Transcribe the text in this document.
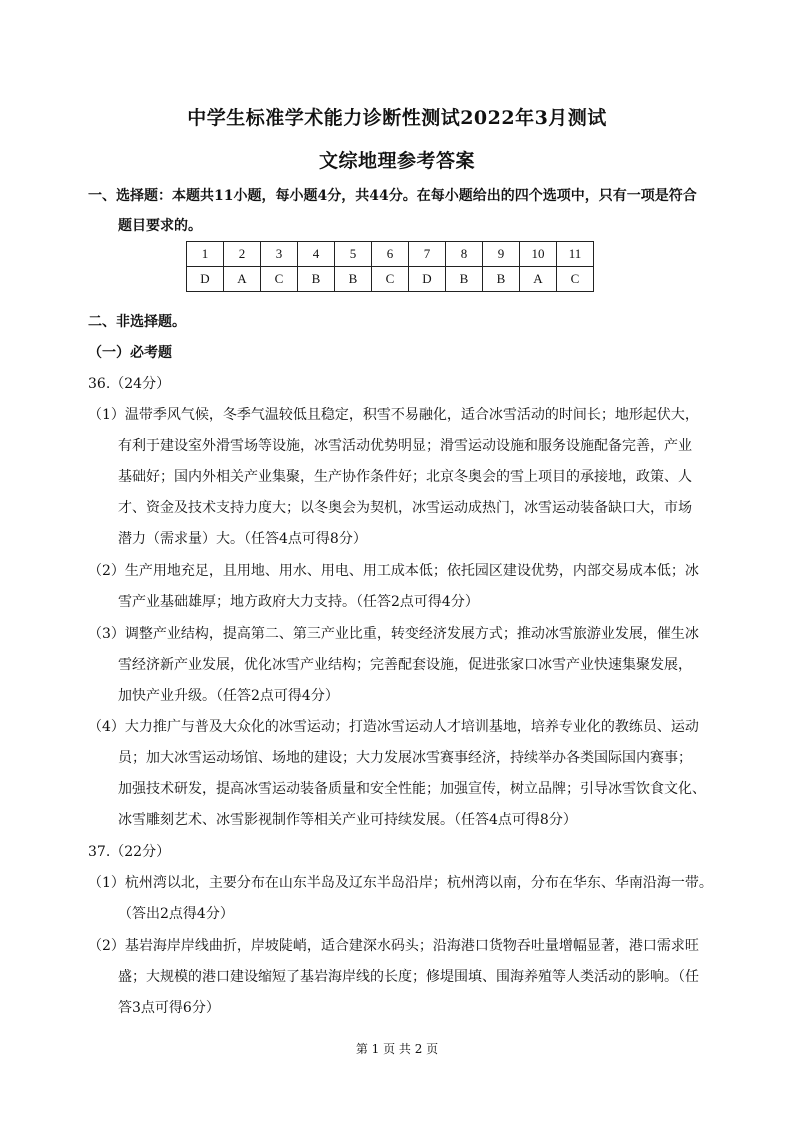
中学生标准学术能力诊断性测试2022年3月测试
文综地理参考答案
一、选择题：本题共11小题，每小题4分，共44分。在每小题给出的四个选项中，只有一项是符合
题目要求的。
1	2	3	4	5	6	7	8	9	10	11
D	A	C	B	B	C	D	B	B	A	C
二、非选择题。
（一）必考题
36.（24分）
（1）温带季风气候，冬季气温较低且稳定，积雪不易融化，适合冰雪活动的时间长；地形起伏大，
有利于建设室外滑雪场等设施，冰雪活动优势明显；滑雪运动设施和服务设施配备完善，产业
基础好；国内外相关产业集聚，生产协作条件好；北京冬奥会的雪上项目的承接地，政策、人
才、资金及技术支持力度大；以冬奥会为契机，冰雪运动成热门，冰雪运动装备缺口大，市场
潜力（需求量）大。（任答4点可得8分）
（2）生产用地充足，且用地、用水、用电、用工成本低；依托园区建设优势，内部交易成本低；冰
雪产业基础雄厚；地方政府大力支持。（任答2点可得4分）
（3）调整产业结构，提高第二、第三产业比重，转变经济发展方式；推动冰雪旅游业发展，催生冰
雪经济新产业发展，优化冰雪产业结构；完善配套设施，促进张家口冰雪产业快速集聚发展，
加快产业升级。（任答2点可得4分）
（4）大力推广与普及大众化的冰雪运动；打造冰雪运动人才培训基地，培养专业化的教练员、运动
员；加大冰雪运动场馆、场地的建设；大力发展冰雪赛事经济，持续举办各类国际国内赛事；
加强技术研发，提高冰雪运动装备质量和安全性能；加强宣传，树立品牌；引导冰雪饮食文化、
冰雪雕刻艺术、冰雪影视制作等相关产业可持续发展。（任答4点可得8分）
37.（22分）
（1）杭州湾以北，主要分布在山东半岛及辽东半岛沿岸；杭州湾以南，分布在华东、华南沿海一带。
（答出2点得4分）
（2）基岩海岸岸线曲折，岸坡陡峭，适合建深水码头；沿海港口货物吞吐量增幅显著，港口需求旺
盛；大规模的港口建设缩短了基岩海岸线的长度；修堤围填、围海养殖等人类活动的影响。（任
答3点可得6分）
第 1 页 共 2 页
